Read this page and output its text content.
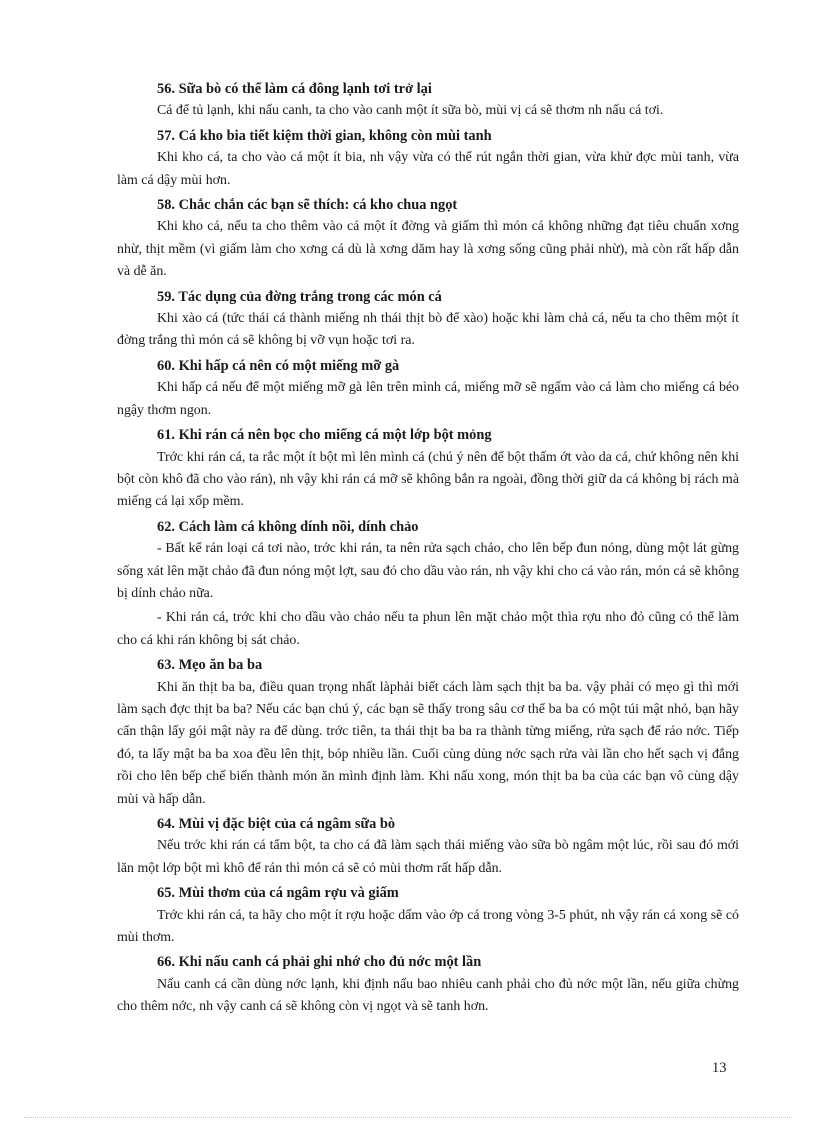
56. Sữa bò có thể làm cá đông lạnh tơi trở lại

Cá để tủ lạnh, khi nấu canh, ta cho vào canh một ít sữa bò, mùi vị cá sẽ thơm nh nấu cá tơi.

57. Cá kho bia tiết kiệm thời gian, không còn mùi tanh

Khi kho cá, ta cho vào cá một ít bia, nh vậy vừa có thể rút ngắn thời gian, vừa khử đợc mùi tanh, vừa làm cá dậy mùi hơn.

58. Chắc chắn các bạn sẽ thích: cá kho chua ngọt

Khi kho cá, nếu ta cho thêm vào cá một ít đờng và giấm thì món cá không những đạt tiêu chuẩn xơng nhừ, thịt mềm (vì giấm làm cho xơng cá dù là xơng dăm hay là xơng sống cũng phải nhừ), mà còn rất hấp dẫn và dễ ăn.

59. Tác dụng của đờng trắng trong các món cá

Khi xào cá (tức thái cá thành miếng nh thái thịt bò để xào) hoặc khi làm chả cá, nếu ta cho thêm một ít đờng trắng thì món cá sẽ không bị vỡ vụn hoặc tơi ra.

60. Khi hấp cá nên có một miếng mỡ gà

Khi hấp cá nếu để một miếng mỡ gà lên trên mình cá, miếng mỡ sẽ ngấm vào cá làm cho miếng cá béo ngậy thơm ngon.

61. Khi rán cá nên bọc cho miếng cá một lớp bột mỏng

Trớc khi rán cá, ta rắc một ít bột mì lên mình cá (chú ý nên để bột thấm ớt vào da cá, chứ không nên khi bột còn khô đã cho vào rán), nh vậy khi rán cá mỡ sẽ không bắn ra ngoài, đồng thời giữ da cá không bị rách mà miếng cá lại xốp mềm.

62. Cách làm cá không dính nồi, dính chảo

- Bất kể rán loại cá tơi nào, trớc khi rán, ta nên rửa sạch chảo, cho lên bếp đun nóng, dùng một lát gừng sống xát lên mặt chảo đã đun nóng một lợt, sau đó cho dầu vào rán, nh vậy khi cho cá vào rán, món cá sẽ không bị dính chảo nữa.

- Khi rán cá, trớc khi cho dầu vào chảo nếu ta phun lên mặt chảo một thìa rợu nho đỏ cũng có thể làm cho cá khi rán không bị sát chảo.

63. Mẹo ăn ba ba

Khi ăn thịt ba ba, điều quan trọng nhất làphải biết cách làm sạch thịt ba ba. vậy phải có mẹo gì thì mới làm sạch đợc thịt ba ba? Nếu các bạn chú ý, các bạn sẽ thấy trong sâu cơ thể ba ba có một túi mật nhỏ, bạn hãy cẩn thận lấy gói mật này ra để dùng. trớc tiên, ta thái thịt ba ba ra thành từng miếng, rửa sạch để ráo nớc. Tiếp đó, ta lấy mật ba ba xoa đều lên thịt, bóp nhiều lần. Cuối cùng dùng nớc sạch rửa vài lần cho hết sạch vị đắng rồi cho lên bếp chế biến thành món ăn mình định làm. Khi nấu xong, món thịt ba ba của các bạn vô cùng dậy mùi và hấp dẫn.

64. Mùi vị đặc biệt của cá ngâm sữa bò

Nếu trớc khi rán cá tẩm bột, ta cho cá đã làm sạch thái miếng vào sữa bò ngâm một lúc, rồi sau đó mới lăn một lớp bột mì khô để rán thì món cá sẽ có mùi thơm rất hấp dẫn.

65. Mùi thơm của cá ngâm rợu và giấm

Trớc khi rán cá, ta hãy cho một ít rợu hoặc dấm vào ớp cá trong vòng 3-5 phút, nh vậy rán cá xong sẽ có mùi thơm.

66. Khi nấu canh cá phải ghi nhớ cho đủ nớc một lần

Nấu canh cá cần dùng nớc lạnh, khi định nấu bao nhiêu canh phải cho đủ nớc một lần, nếu giữa chừng cho thêm nớc, nh vậy canh cá sẽ không còn vị ngọt và sẽ tanh hơn.

13
